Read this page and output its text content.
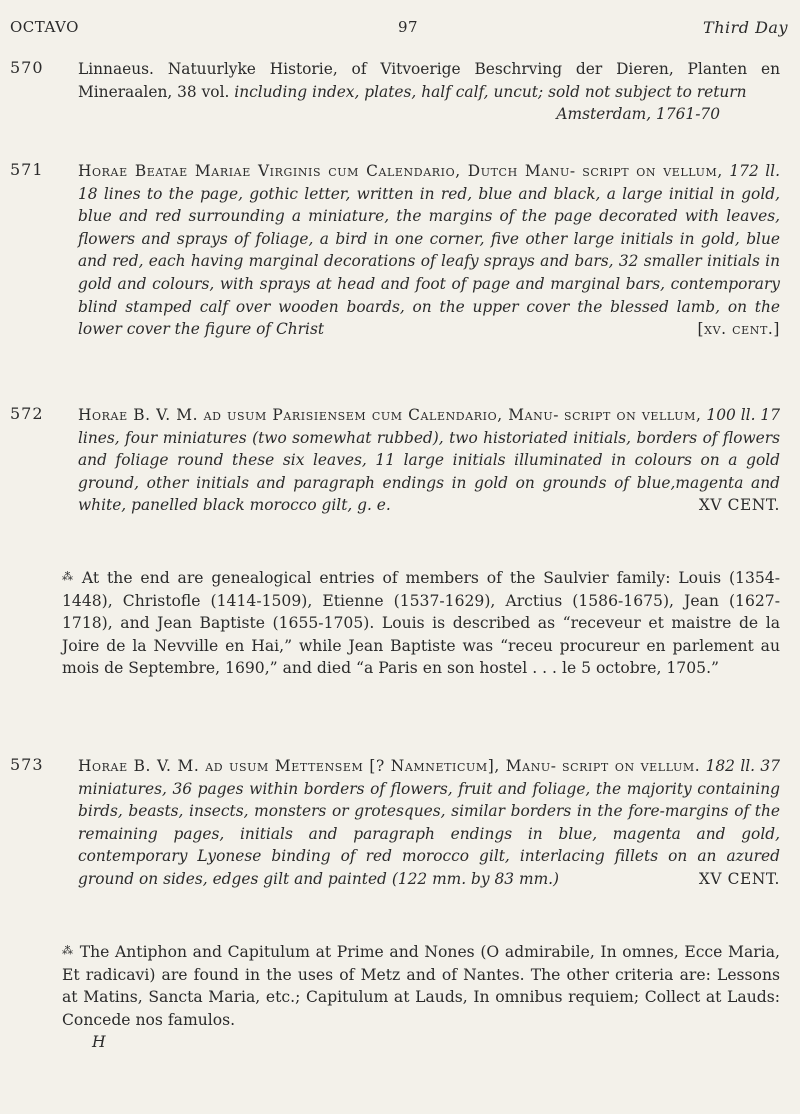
OCTAVO	97	Third Day
570 Linnaeus. Natuurlyke Historie, of Vitvoerige Beschrving der Dieren, Planten en Mineraalen, 38 vol. including index, plates, half calf, uncut; sold not subject to return
Amsterdam, 1761-70
571 Horae Beatae Mariae Virginis cum Calendario, Dutch Manu- script on vellum, 172 ll. 18 lines to the page, gothic letter, written in red, blue and black, a large initial in gold, blue and red surrounding a miniature, the margins of the page decorated with leaves, flowers and sprays of foliage, a bird in one corner, five other large initials in gold, blue and red, each having marginal decorations of leafy sprays and bars, 32 smaller initials in gold and colours, with sprays at head and foot of page and marginal bars, contemporary blind stamped calf over wooden boards, on the upper cover the blessed lamb, on the lower cover the figure of Christ	[xv. cent.]
572 Horae B. V. M. ad usum Parisiensem cum Calendario, Manu- script on vellum, 100 ll. 17 lines, four miniatures (two somewhat rubbed), two historiated initials, borders of flowers and foliage round these six leaves, 11 large initials illuminated in colours on a gold ground, other initials and paragraph endings in gold on grounds of blue,magenta and white, panelled black morocco gilt, g. e.	XV CENT.
⁂ At the end are genealogical entries of members of the Saulvier family: Louis (1354-1448), Christofle (1414-1509), Etienne (1537-1629), Arctius (1586-1675), Jean (1627-1718), and Jean Baptiste (1655-1705). Louis is described as “receveur et maistre de la Joire de la Nevville en Hai,” while Jean Baptiste was “receu procureur en parlement au mois de Septembre, 1690,” and died “a Paris en son hostel . . . le 5 octobre, 1705.”
573 Horae B. V. M. ad usum Mettensem [? Namneticum], Manu- script on vellum. 182 ll. 37 miniatures, 36 pages within borders of flowers, fruit and foliage, the majority containing birds, beasts, insects, monsters or grotesques, similar borders in the fore-margins of the remaining pages, initials and paragraph endings in blue, magenta and gold, contemporary Lyonese binding of red morocco gilt, interlacing fillets on an azured ground on sides, edges gilt and painted (122 mm. by 83 mm.)	XV CENT.
⁂ The Antiphon and Capitulum at Prime and Nones (O admirabile, In omnes, Ecce Maria, Et radicavi) are found in the uses of Metz and of Nantes. The other criteria are: Lessons at Matins, Sancta Maria, etc.; Capitulum at Lauds, In omnibus requiem; Collect at Lauds: Concede nos famulos.
H
